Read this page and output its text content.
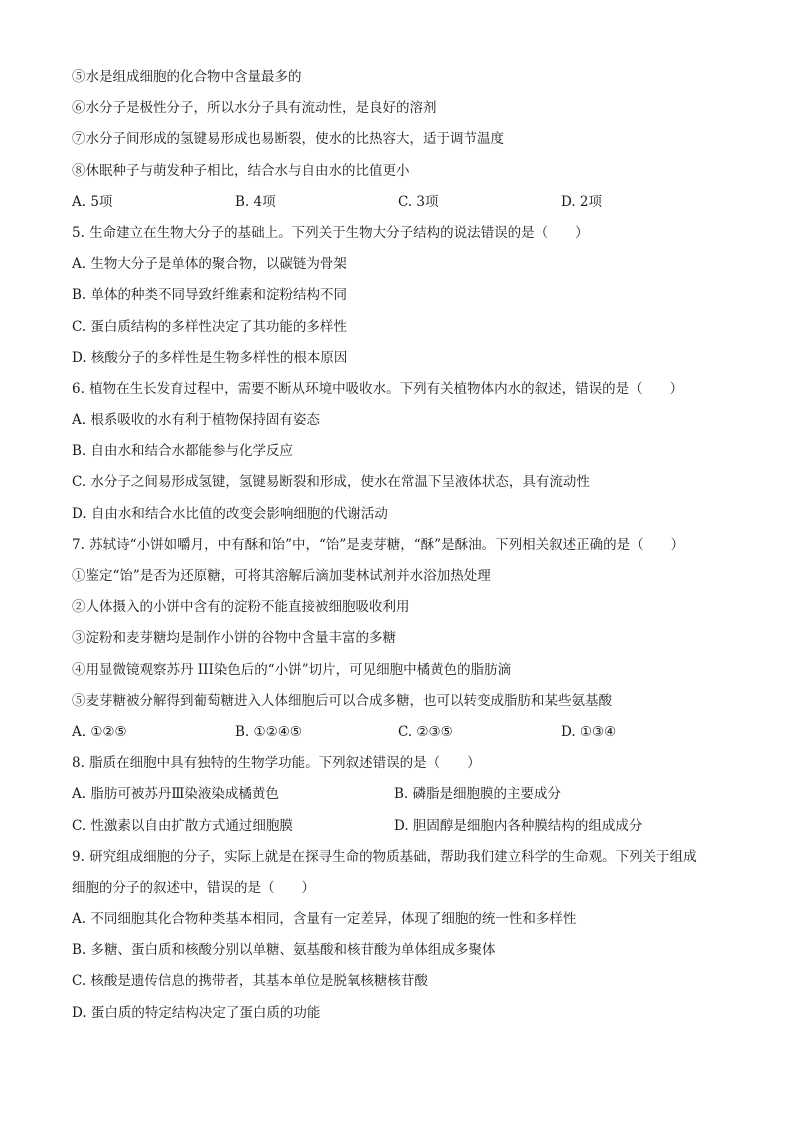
⑤水是组成细胞的化合物中含量最多的
⑥水分子是极性分子，所以水分子具有流动性，是良好的溶剂
⑦水分子间形成的氢键易形成也易断裂，使水的比热容大，适于调节温度
⑧休眠种子与萌发种子相比，结合水与自由水的比值更小
A. 5项	B. 4项	C. 3项	D. 2项
5. 生命建立在生物大分子的基础上。下列关于生物大分子结构的说法错误的是（　　）
A. 生物大分子是单体的聚合物，以碳链为骨架
B. 单体的种类不同导致纤维素和淀粉结构不同
C. 蛋白质结构的多样性决定了其功能的多样性
D. 核酸分子的多样性是生物多样性的根本原因
6. 植物在生长发育过程中，需要不断从环境中吸收水。下列有关植物体内水的叙述，错误的是（　　）
A. 根系吸收的水有利于植物保持固有姿态
B. 自由水和结合水都能参与化学反应
C. 水分子之间易形成氢键，氢键易断裂和形成，使水在常温下呈液体状态，具有流动性
D. 自由水和结合水比值的改变会影响细胞的代谢活动
7. 苏轼诗“小饼如嚼月，中有酥和饴”中，“饴”是麦芽糖，“酥”是酥油。下列相关叙述正确的是（　　）
①鉴定“饴”是否为还原糖，可将其溶解后滴加斐林试剂并水浴加热处理
②人体摄入的小饼中含有的淀粉不能直接被细胞吸收利用
③淀粉和麦芽糖均是制作小饼的谷物中含量丰富的多糖
④用显微镜观察苏丹 III染色后的“小饼”切片，可见细胞中橘黄色的脂肪滴
⑤麦芽糖被分解得到葡萄糖进入人体细胞后可以合成多糖，也可以转变成脂肪和某些氨基酸
A. ①②⑤	B. ①②④⑤	C. ②③⑤	D. ①③④
8. 脂质在细胞中具有独特的生物学功能。下列叙述错误的是（　　）
A. 脂肪可被苏丹Ⅲ染液染成橘黄色	B. 磷脂是细胞膜的主要成分
C. 性激素以自由扩散方式通过细胞膜	D. 胆固醇是细胞内各种膜结构的组成成分
9. 研究组成细胞的分子，实际上就是在探寻生命的物质基础，帮助我们建立科学的生命观。下列关于组成
细胞的分子的叙述中，错误的是（　　）
A. 不同细胞其化合物种类基本相同，含量有一定差异，体现了细胞的统一性和多样性
B. 多糖、蛋白质和核酸分别以单糖、氨基酸和核苷酸为单体组成多聚体
C. 核酸是遗传信息的携带者，其基本单位是脱氧核糖核苷酸
D. 蛋白质的特定结构决定了蛋白质的功能
